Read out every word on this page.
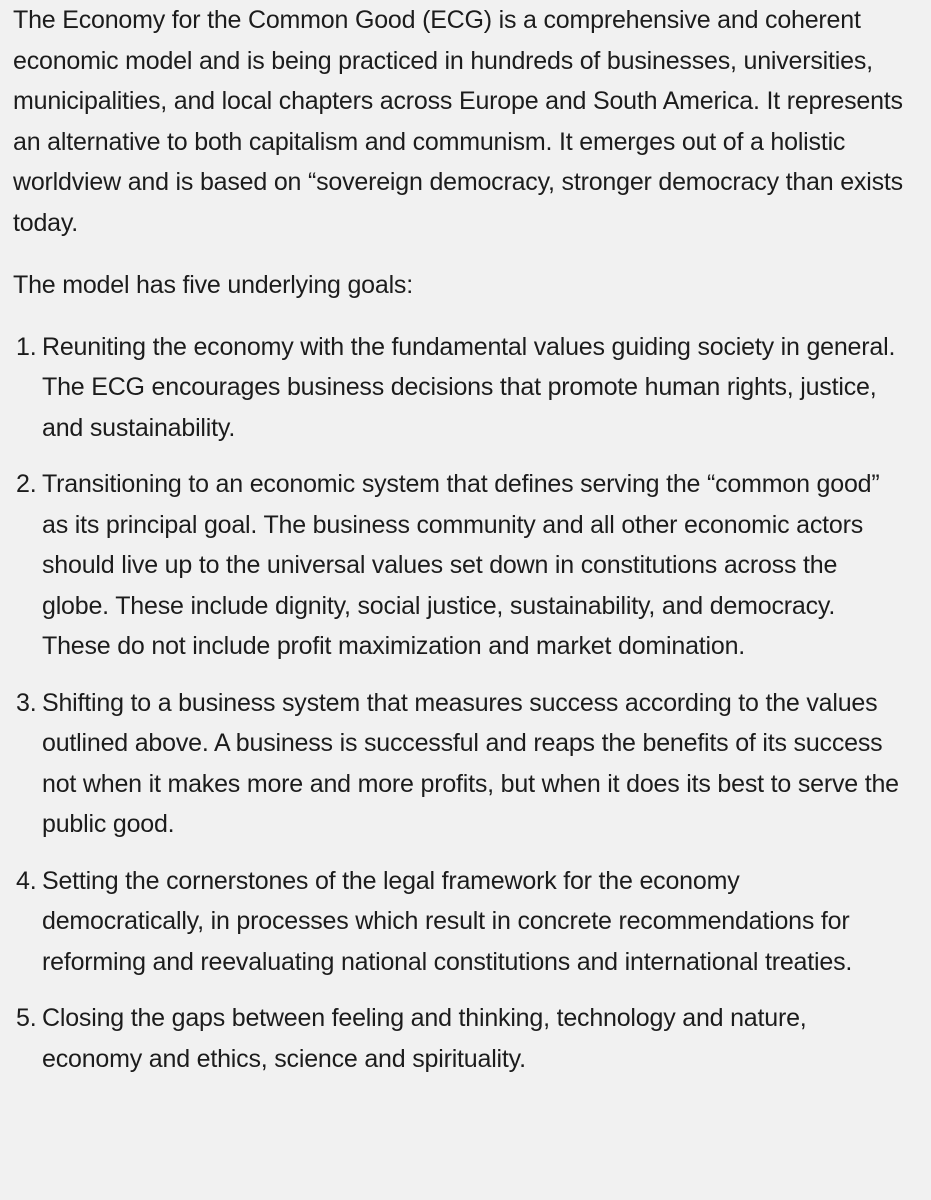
The Economy for the Common Good (ECG) is a comprehensive and coherent economic model and is being practiced in hundreds of businesses, universities, municipalities, and local chapters across Europe and South America. It represents an alternative to both capitalism and communism. It emerges out of a holistic worldview and is based on “sovereign democracy, stronger democracy than exists today.

The model has five underlying goals:

1. Reuniting the economy with the fundamental values guiding society in general. The ECG encourages business decisions that promote human rights, justice, and sustainability.
2. Transitioning to an economic system that defines serving the “common good” as its principal goal. The business community and all other economic actors should live up to the universal values set down in constitutions across the globe. These include dignity, social justice, sustainability, and democracy. These do not include profit maximization and market domination.
3. Shifting to a business system that measures success according to the values outlined above. A business is successful and reaps the benefits of its success not when it makes more and more profits, but when it does its best to serve the public good.
4. Setting the cornerstones of the legal framework for the economy democratically, in processes which result in concrete recommendations for reforming and reevaluating national constitutions and international treaties.
5. Closing the gaps between feeling and thinking, technology and nature, economy and ethics, science and spirituality.
